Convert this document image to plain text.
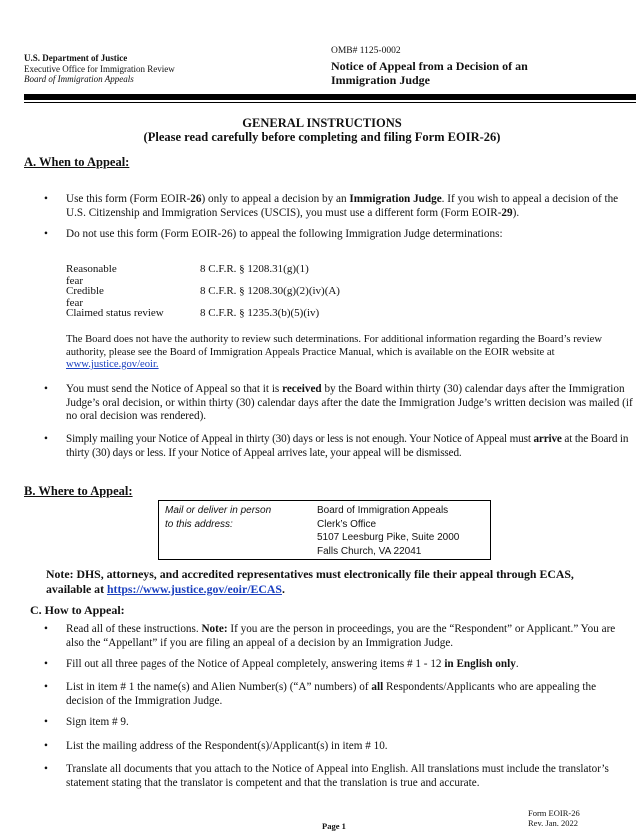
U.S. Department of Justice
Executive Office for Immigration Review
Board of Immigration Appeals
OMB# 1125-0002
Notice of Appeal from a Decision of an
Immigration Judge
GENERAL INSTRUCTIONS
(Please read carefully before completing and filing Form EOIR-26)
A. When to Appeal:
• Use this form (Form EOIR-26) only to appeal a decision by an Immigration Judge. If you wish to appeal a decision of the U.S. Citizenship and Immigration Services (USCIS), you must use a different form (Form EOIR-29).
• Do not use this form (Form EOIR-26) to appeal the following Immigration Judge determinations:
Reasonable fear
8 C.F.R. § 1208.31(g)(1)
Credible fear
8 C.F.R. § 1208.30(g)(2)(iv)(A)
Claimed status review	8 C.F.R. § 1235.3(b)(5)(iv)
The Board does not have the authority to review such determinations. For additional information regarding the Board’s review authority, please see the Board of Immigration Appeals Practice Manual, which is available on the EOIR website at www.justice.gov/eoir.
• You must send the Notice of Appeal so that it is received by the Board within thirty (30) calendar days after the Immigration Judge’s oral decision, or within thirty (30) calendar days after the date the Immigration Judge’s written decision was mailed (if no oral decision was rendered).
• Simply mailing your Notice of Appeal in thirty (30) days or less is not enough. Your Notice of Appeal must arrive at the Board in thirty (30) days or less. If your Notice of Appeal arrives late, your appeal will be dismissed.
B. Where to Appeal:
Mail or deliver in person
to this address:
Board of Immigration Appeals
Clerk’s Office
5107 Leesburg Pike, Suite 2000
Falls Church, VA 22041
Note: DHS, attorneys, and accredited representatives must electronically file their appeal through ECAS, available at https://www.justice.gov/eoir/ECAS.
C. How to Appeal:
• Read all of these instructions. Note: If you are the person in proceedings, you are the “Respondent” or Applicant.” You are also the “Appellant” if you are filing an appeal of a decision by an Immigration Judge.
• Fill out all three pages of the Notice of Appeal completely, answering items # 1 - 12 in English only.
• List in item # 1 the name(s) and Alien Number(s) (“A” numbers) of all Respondents/Applicants who are appealing the decision of the Immigration Judge.
• Sign item # 9.
• List the mailing address of the Respondent(s)/Applicant(s) in item # 10.
• Translate all documents that you attach to the Notice of Appeal into English. All translations must include the translator’s statement stating that the translator is competent and that the translation is true and accurate.
Page 1
Form EOIR-26
Rev. Jan. 2022
